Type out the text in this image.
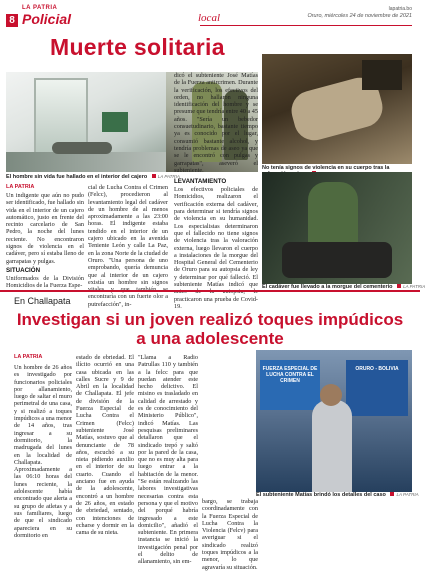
8
LA PATRIA
Policial	local
lapatria.bo
Oruro, miércoles 24 de noviembre de 2021
Muerte solitaria
El hombre sin vida fue hallado en el interior del cajero LA PATRIA
No tenía signos de violencia en su cuerpo tras la
El cadáver fue llevado a la morgue del cementerio LA PATRIA
LA PATRIA

Un indigente que aún no pudo ser identificado, fue hallado sin vida en el interior de un cajero automático, justo en frente del recinto carcelario de San Pedro, la noche del lunes reciente. No encontraron signos de violencia en el cadáver, pero sí estaba lleno de garrapatas y pulgas.

SITUACIÓN

Uniformados de la División Homicidios de la Fuerza Espe-

cial de Lucha Contra el Crimen (Felcc), procedieron al levantamiento legal del cadáver de un hombre de al menos aproximadamente a las 23:00 horas. El indigente estaba tendido en el interior de un cajero ubicado en la avenida Teniente León y calle La Paz, en la zona Norte de la ciudad de Oruro. "Una persona de uno emprobando, quería demuncia que al interior de un cajero existía un hombre sin signos encontraría con un fuerte olor a putrefacción", in-

dicó el subteniente José Matías de la Fuerza antircrimen. Durante la verificación, los efectivos del orden, no hallaron ninguna identificación del hombre y se presume que tendría entre 40 a 45 años. "Sería un bebedor consuetudinario, bastante tiempo ya es conocido por el lugar, consumió bastante alcohol, y tendría problemas de aseo ya que se le encontró con pulgas y garrapatas", aseveró el subteniente.

LEVANTAMIENTO

Los efectivos policiales de Homicidios, realizaron el verificación externa del cadáver, para determinar si tendría signos de violencia en su humanidad. Los especialistas determinaron que el fallecido no tiene signos de violencia tras la valoración externa, luego llevaron el cuerpo a instalaciones de la morgue del Hospital General del Cementerio de Oruro para su autopsia de ley y determinar por qué falleció. El subteniente Matías indicó que practicaron una prueba de Covid-19.

En Challapata
Investigan si un joven realizó toques impúdicos a una adolescente
LA PATRIA

Un hombre de 26 años es investigado por funcionarios policiales por allanamiento, luego de saltar el muro perimetral de una casa, y si realizó a toques impúdicos a una menor de 14 años, tras ingresar a su dormitorio, la madrugada del lunes en la localidad de Challapata. Aproximadamente a las 06:10 horas del lunes reciente, la adolescente había encontrado que alerta a su grupo de atletas y a sus familiares, luego de que el sindicado apareciera en su dormitorio en

estado de ebriedad. El ilícito ocurrió en una casa ubicada en las calles Sucre y 9 de Abril en la localidad de Challapata. El jefe de división de la Fuerza Especial de Lucha Contra el Crimen (Felcc) subteniente José Matías, sostuvo que al denunciante de 78 años, escuchó a su nieta pidiendo auxilio en el interior de su cuarto. Cuando el anciano fue en ayuda de la adolescente, encontró a un hombre de 26 años, en estado de ebriedad, sentado, con intenciones de echarse y dormir en la cama de su nieta.

"Llama a Radio Patrullas 110 y también a la felcc para que puedan atender este hecho delictivo. El misino es trasladado en calidad de arrestado y es de conocimiento del Ministerio Público", indicó Matías. Las pesquisas preliminares detallaron que el sindicado trepó y saltó por la pared de la casa, que no es muy alta para luego entrar a la habitación de la menor. "Se están realizando las labores investigativas necesarias contra esta persona y que el motivo del porqué habría ingresado a este domicilio", añadió el subteniente. En primera instancia se inició la investigación penal por el delito de allanamiento, sin em-

bargo, se trabaja coordinadamente con la Fuerza Especial de Lucha Contra la Violencia (Felcv) para averiguar si el sindicado realizó toques impúdicos a la menor, lo que agravaría su situación.

FUERZA ESPECIAL DE LUCHA CONTRA EL CRIMEN
ORURO - BOLIVIA
El subteniente Matías brindó los detalles del caso LA PATRIA
